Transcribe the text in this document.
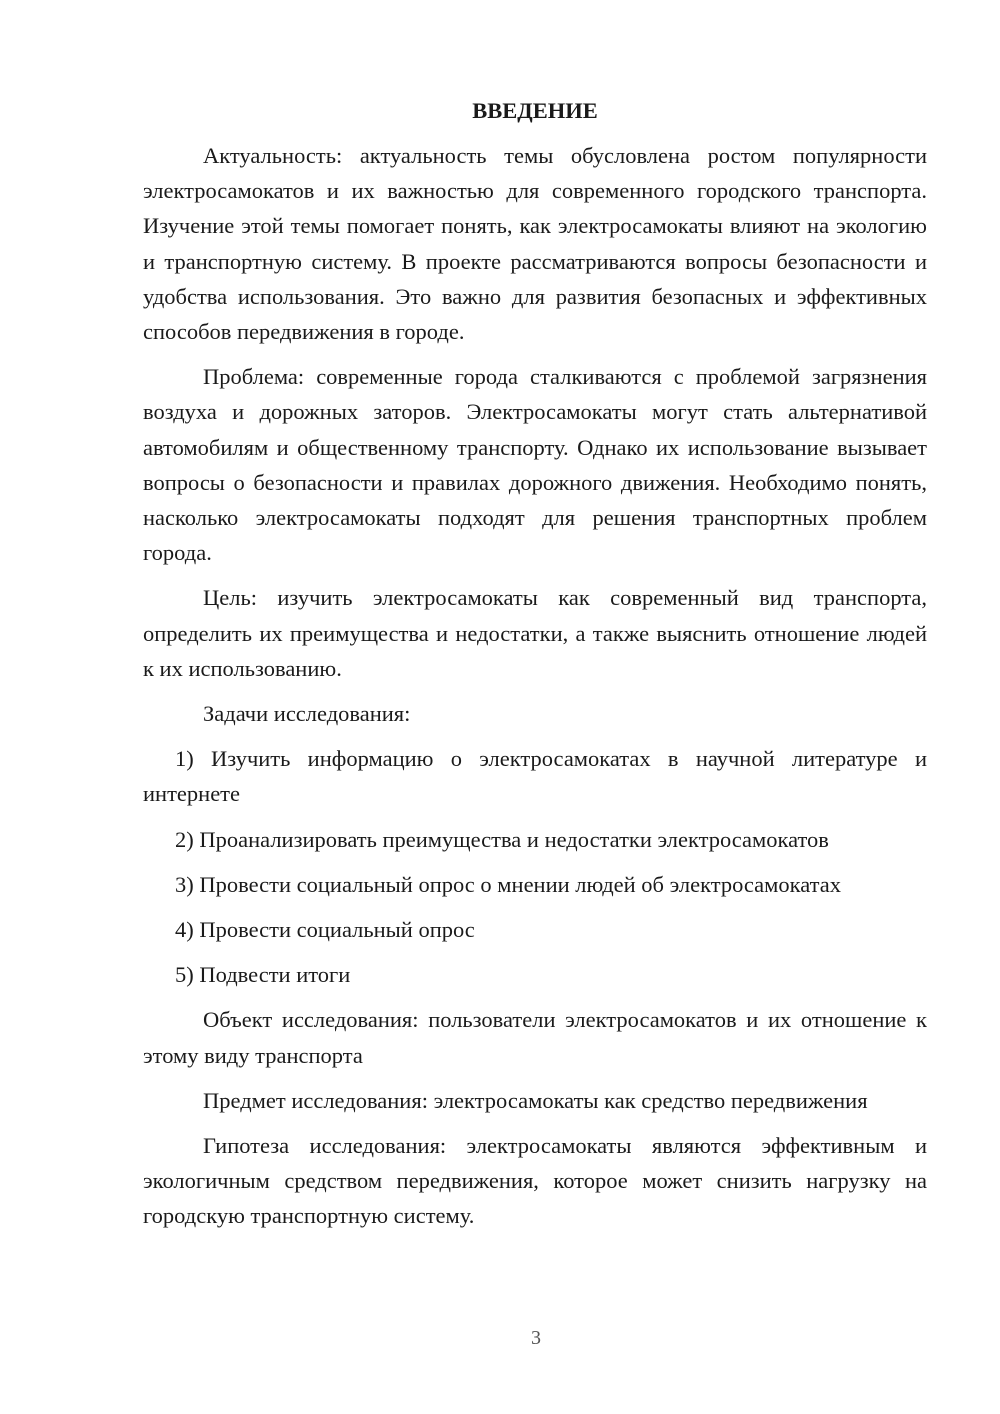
ВВЕДЕНИЕ

Актуальность: актуальность темы обусловлена ростом популярности электросамокатов и их важностью для современного городского транспорта. Изучение этой темы помогает понять, как электросамокаты влияют на экологию и транспортную систему. В проекте рассматриваются вопросы безопасности и удобства использования. Это важно для развития безопасных и эффективных способов передвижения в городе.

Проблема: современные города сталкиваются с проблемой загрязнения воздуха и дорожных заторов. Электросамокаты могут стать альтернативой автомобилям и общественному транспорту. Однако их использование вызывает вопросы о безопасности и правилах дорожного движения. Необходимо понять, насколько электросамокаты подходят для решения транспортных проблем города.

Цель: изучить электросамокаты как современный вид транспорта, определить их преимущества и недостатки, а также выяснить отношение людей к их использованию.

Задачи исследования:

1) Изучить информацию о электросамокатах в научной литературе и интернете

2) Проанализировать преимущества и недостатки электросамокатов

3) Провести социальный опрос о мнении людей об электросамокатах

4) Провести социальный опрос

5) Подвести итоги

Объект исследования: пользователи электросамокатов и их отношение к этому виду транспорта

Предмет исследования: электросамокаты как средство передвижения

Гипотеза исследования: электросамокаты являются эффективным и экологичным средством передвижения, которое может снизить нагрузку на городскую транспортную систему.

3
